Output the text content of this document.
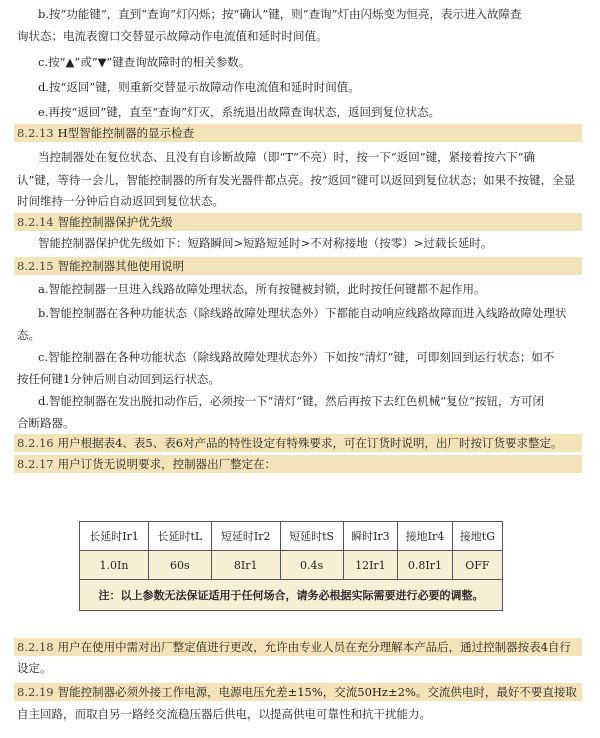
b.按“功能键”，直到“查询”灯闪烁；按“确认”键，则“查询”灯由闪烁变为恒亮，表示进入故障查
询状态；电流表窗口交替显示故障动作电流值和延时时间值。
c.按“▲”或“▼”键查询故障时的相关参数。
d.按“返回”键，则重新交替显示故障动作电流值和延时时间值。
e.再按“返回”键，直至“查询”灯灭，系统退出故障查询状态，返回到复位状态。
8.2.13 H型智能控制器的显示检查
当控制器处在复位状态、且没有自诊断故障（即“T”不亮）时，按一下“返回”键，紧接着按六下“确
认”键，等待一会儿，智能控制器的所有发光器件都点亮。按“返回”键可以返回到复位状态；如果不按键，全显
时间维持一分钟后自动返回到复位状态。
8.2.14 智能控制器保护优先级
智能控制器保护优先级如下：短路瞬间>短路短延时>不对称接地（按零）>过载长延时。
8.2.15 智能控制器其他使用说明
a.智能控制器一旦进入线路故障处理状态，所有按键被封锁，此时按任何键都不起作用。
b.智能控制器在各种功能状态（除线路故障处理状态外）下都能自动响应线路故障而进入线路故障处理状
态。
c.智能控制器在各种功能状态（除线路故障处理状态外）下如按“清灯”键，可即刻回到运行状态；如不
按任何键1分钟后则自动回到运行状态。
d.智能控制器在发出脱扣动作后，必须按一下“清灯”键，然后再按下去红色机械“复位”按钮，方可闭
合断路器。
8.2.16 用户根据表4、表5、表6对产品的特性设定有特殊要求，可在订货时说明，出厂时按订货要求整定。
8.2.17 用户订货无说明要求，控制器出厂整定在：
长延时Ir1	长延时tL	短延时Ir2	短延时tS	瞬时Ir3	接地Ir4	接地tG
1.0In	60s	8Ir1	0.4s	12Ir1	0.8Ir1	OFF
注：以上参数无法保证适用于任何场合，请务必根据实际需要进行必要的调整。						
8.2.18 用户在使用中需对出厂整定值进行更改，允许由专业人员在充分理解本产品后，通过控制器按表4自行
设定。
8.2.19 智能控制器必须外接工作电源，电源电压允差±15%，交流50Hz±2%。交流供电时，最好不要直接取
自主回路，而取自另一路经交流稳压器后供电，以提高供电可靠性和抗干扰能力。
